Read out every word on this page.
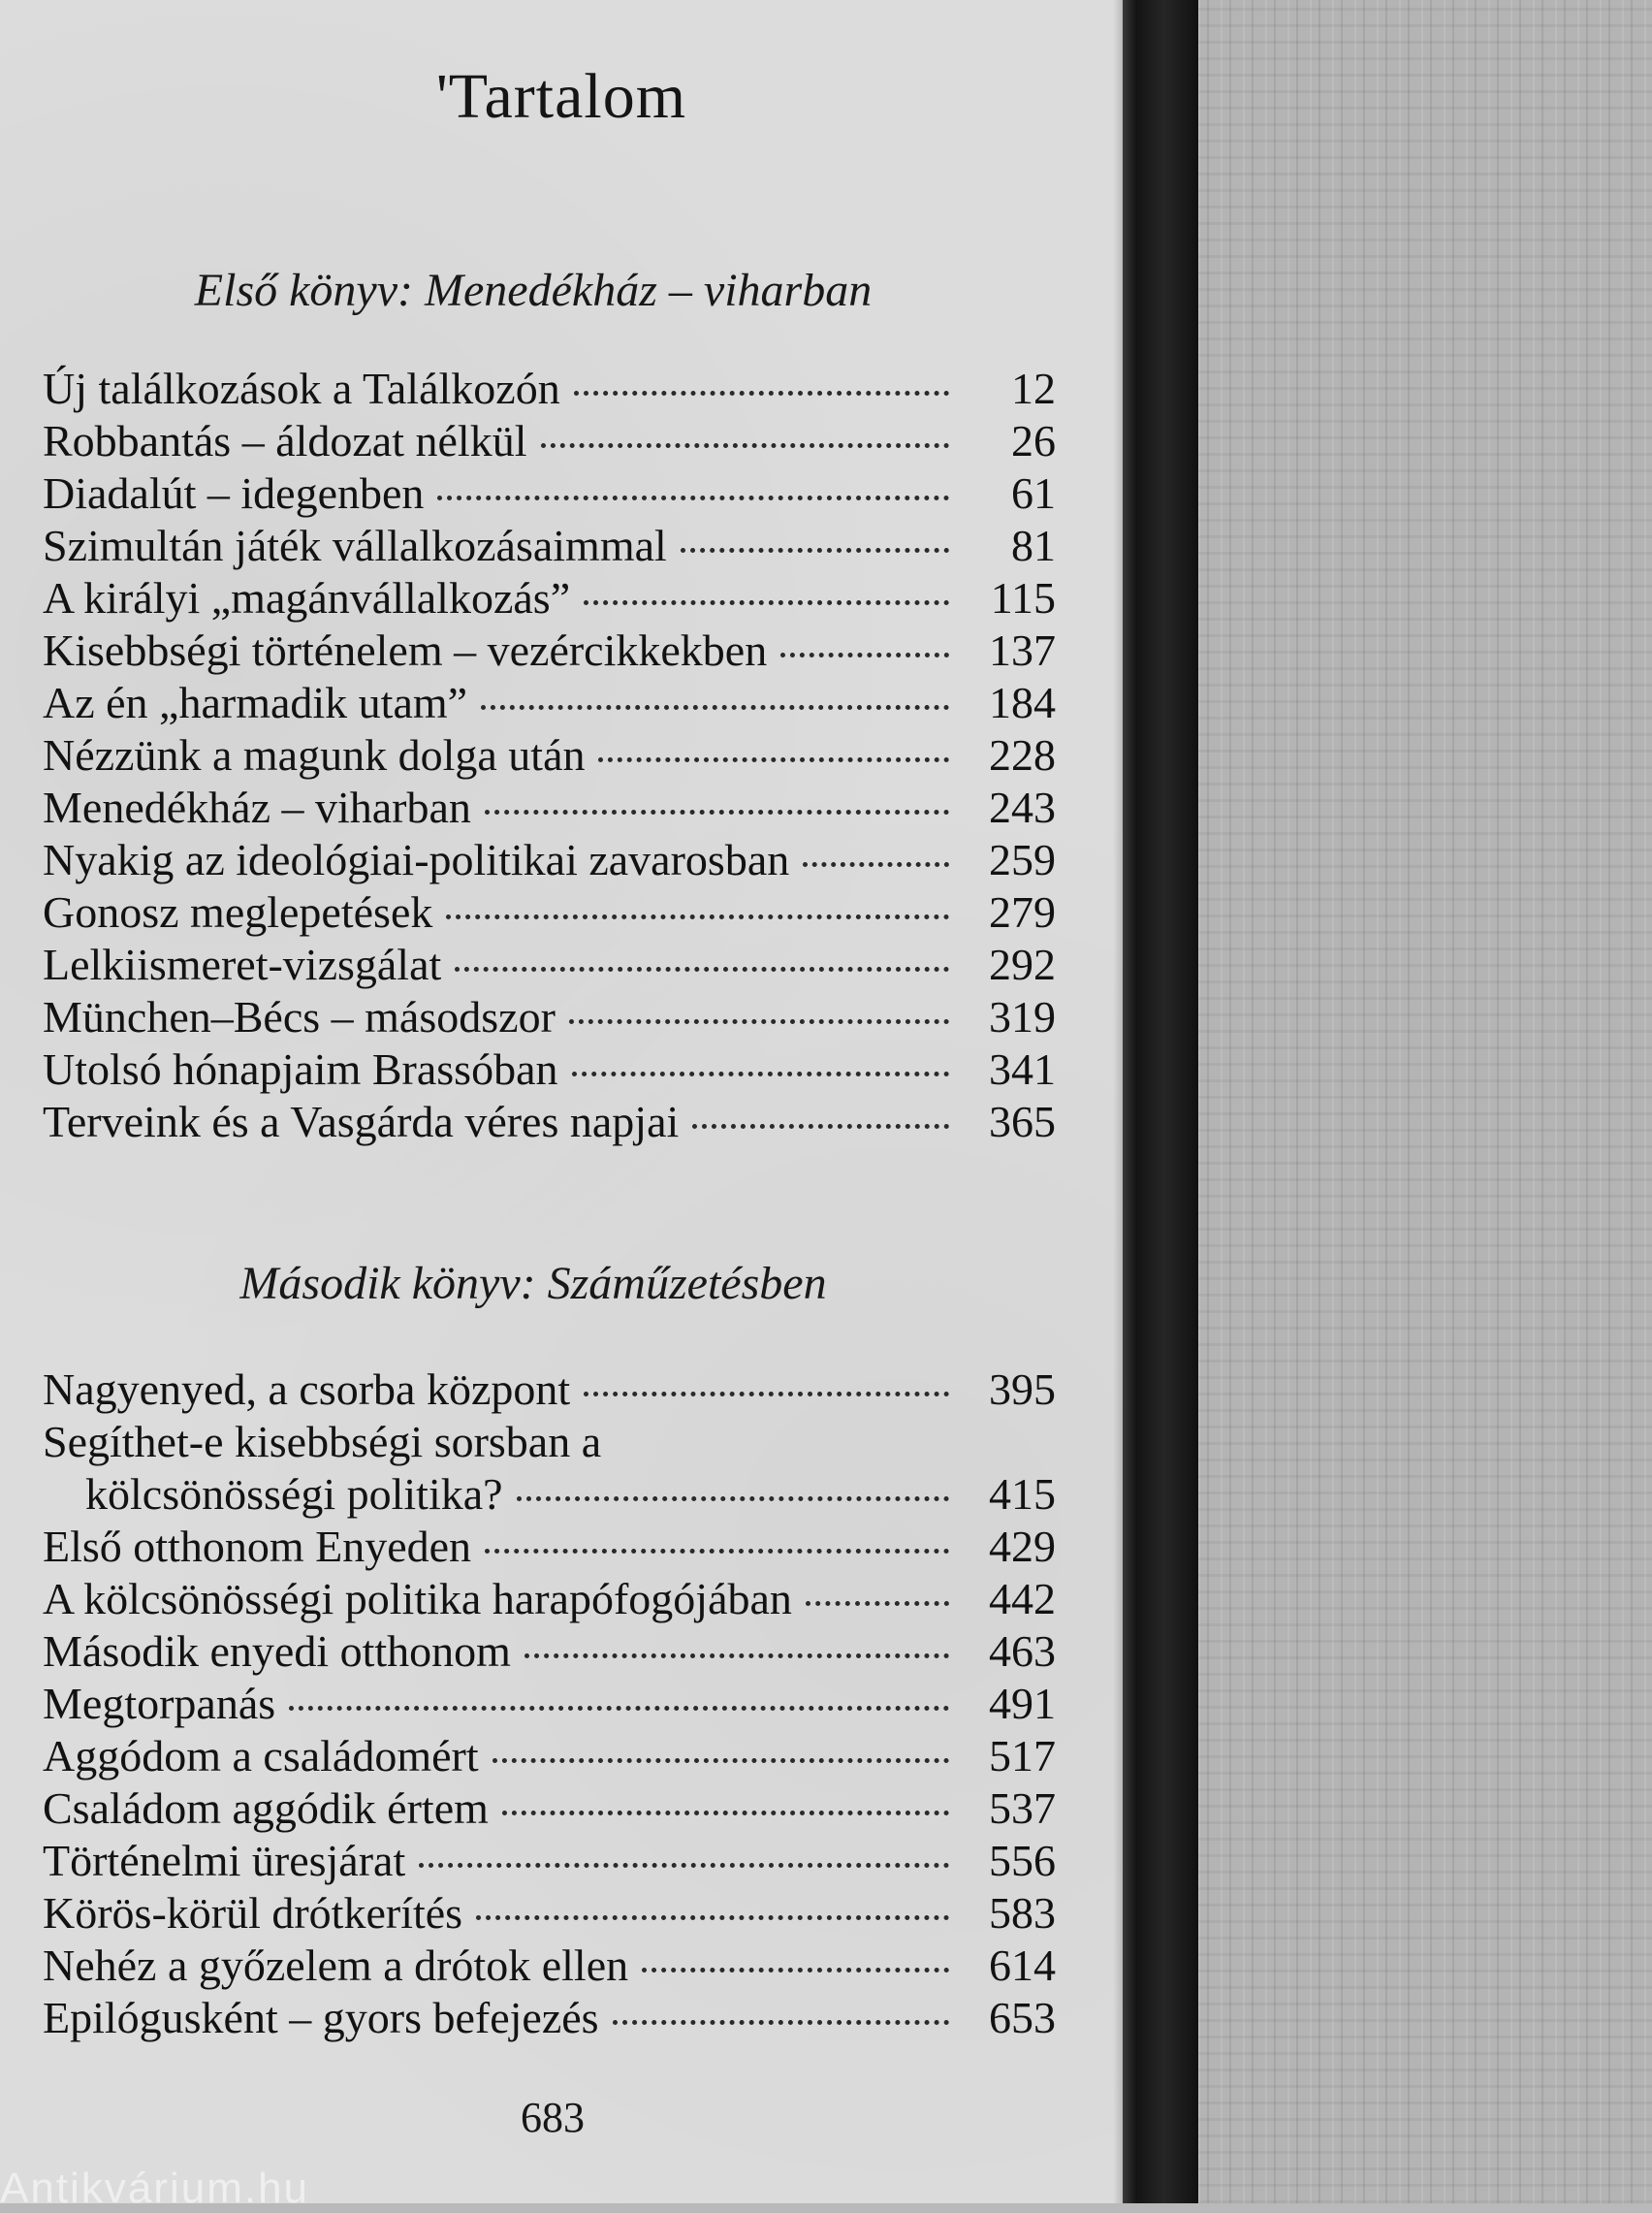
'Tartalom
Első könyv: Menedékház – viharban
Új találkozások a Találkozón	12
Robbantás – áldozat nélkül	26
Diadalút – idegenben	61
Szimultán játék vállalkozásaimmal	81
A királyi „magánvállalkozás”	115
Kisebbségi történelem – vezércikkekben	137
Az én „harmadik utam”	184
Nézzünk a magunk dolga után	228
Menedékház – viharban	243
Nyakig az ideológiai-politikai zavarosban	259
Gonosz meglepetések	279
Lelkiismeret-vizsgálat	292
München–Bécs – másodszor	319
Utolsó hónapjaim Brassóban	341
Terveink és a Vasgárda véres napjai	365
Második könyv: Száműzetésben
Nagyenyed, a csorba központ	395
Segíthet-e kisebbségi sorsban a
kölcsönösségi politika?	415
Első otthonom Enyeden	429
A kölcsönösségi politika harapófogójában	442
Második enyedi otthonom	463
Megtorpanás	491
Aggódom a családomért	517
Családom aggódik értem	537
Történelmi üresjárat	556
Körös-körül drótkerítés	583
Nehéz a győzelem a drótok ellen	614
Epilógusként – gyors befejezés	653
683
Antikvárium.hu
